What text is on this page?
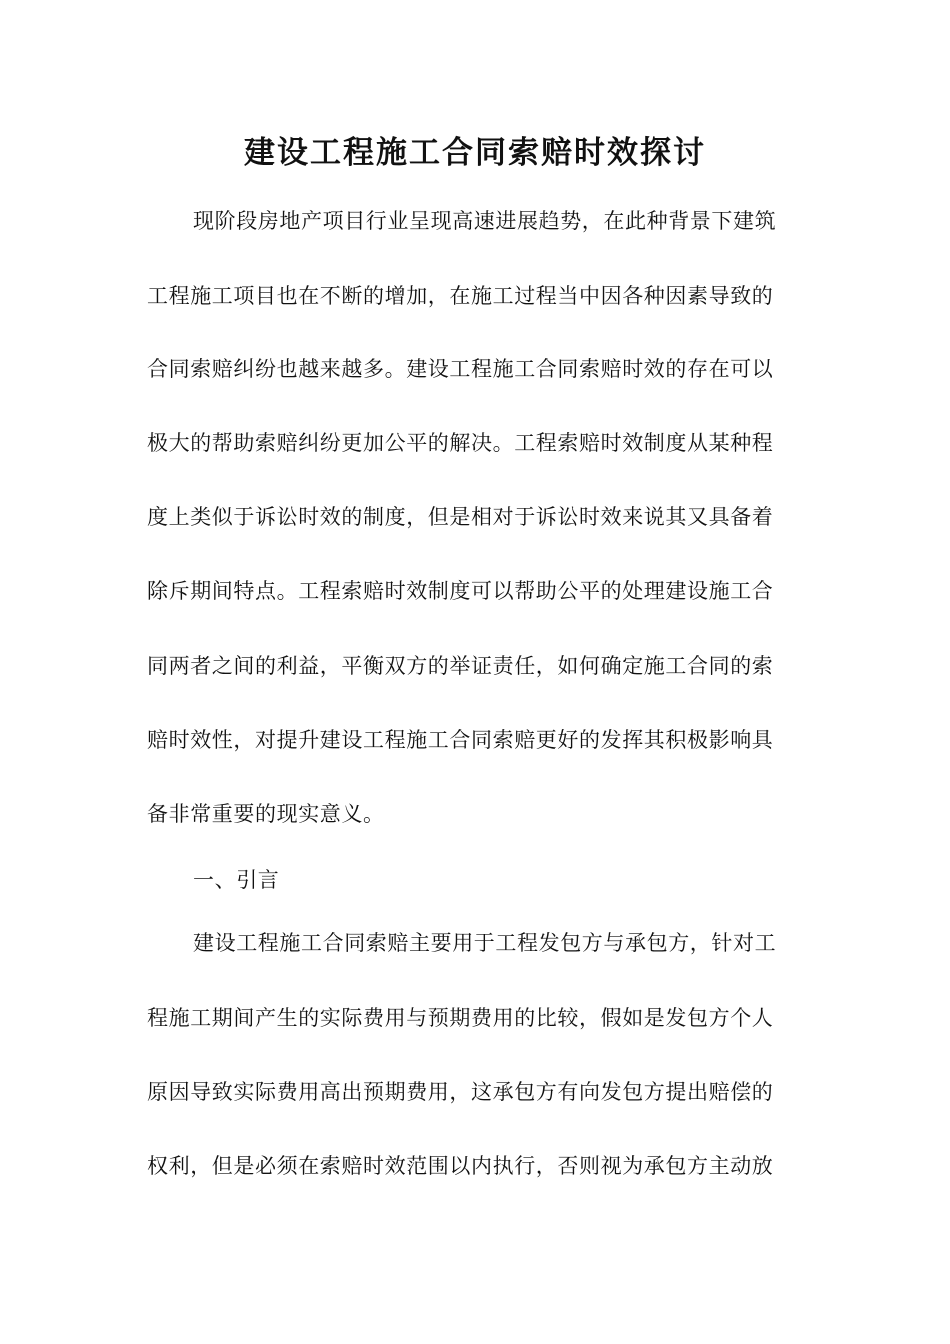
建设工程施工合同索赔时效探讨

现阶段房地产项目行业呈现高速进展趋势，在此种背景下建筑

工程施工项目也在不断的增加，在施工过程当中因各种因素导致的

合同索赔纠纷也越来越多。建设工程施工合同索赔时效的存在可以

极大的帮助索赔纠纷更加公平的解决。工程索赔时效制度从某种程

度上类似于诉讼时效的制度，但是相对于诉讼时效来说其又具备着

除斥期间特点。工程索赔时效制度可以帮助公平的处理建设施工合

同两者之间的利益，平衡双方的举证责任，如何确定施工合同的索

赔时效性，对提升建设工程施工合同索赔更好的发挥其积极影响具

备非常重要的现实意义。

一、引言

建设工程施工合同索赔主要用于工程发包方与承包方，针对工

程施工期间产生的实际费用与预期费用的比较，假如是发包方个人

原因导致实际费用高出预期费用，这承包方有向发包方提出赔偿的

权利，但是必须在索赔时效范围以内执行，否则视为承包方主动放
